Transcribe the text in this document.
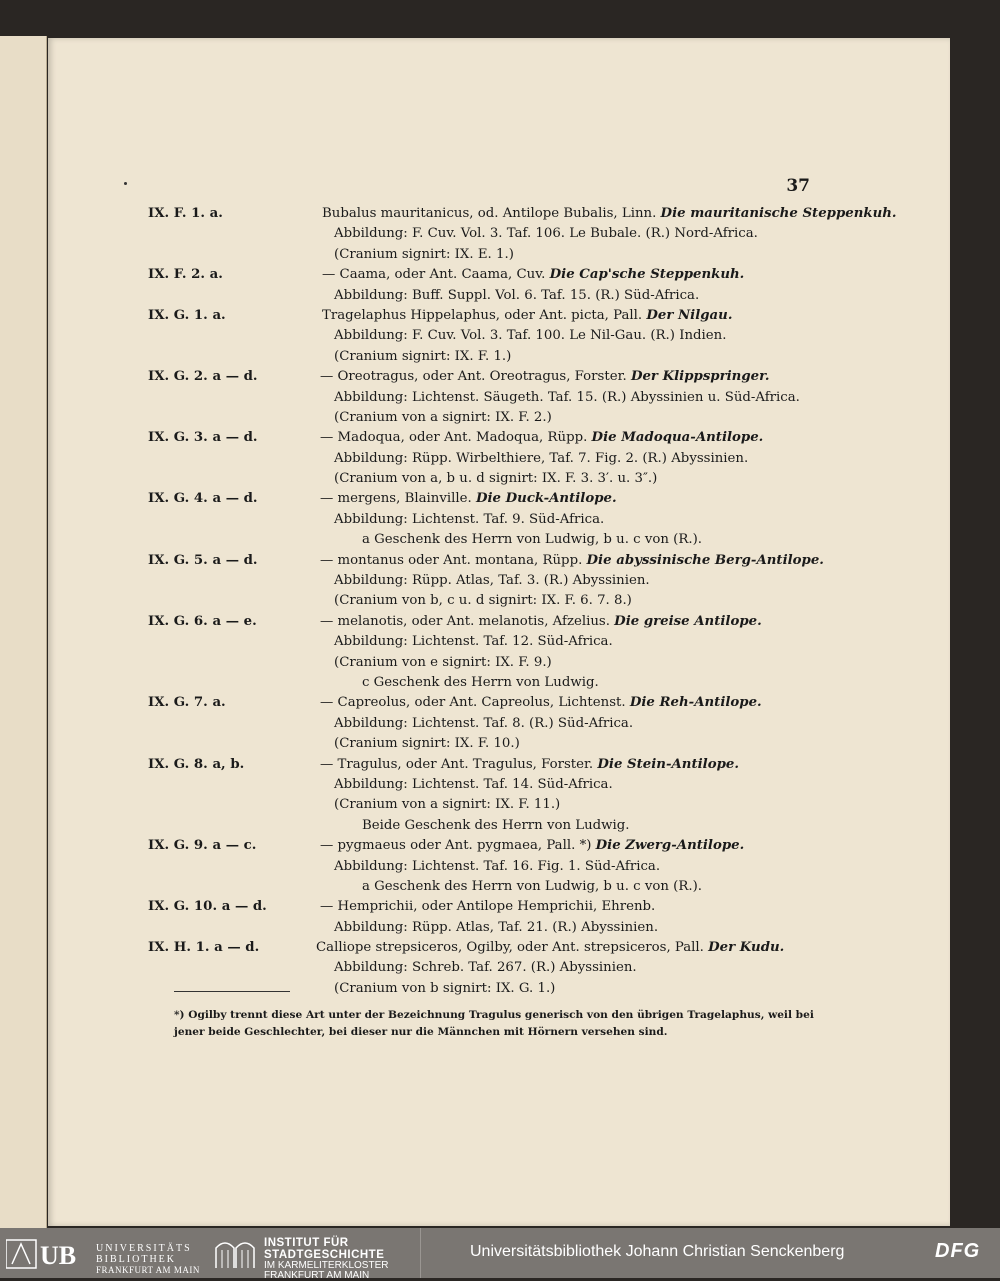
37
IX. F. 1. a.	Bubalus mauritanicus, od. Antilope Bubalis, Linn. Die mauritanische Steppenkuh.
Abbildung: F. Cuv. Vol. 3. Taf. 106. Le Bubale. (R.) Nord-Africa.
(Cranium signirt: IX. E. 1.)
IX. F. 2. a.	— Caama, oder Ant. Caama, Cuv. Die Cap'sche Steppenkuh.
Abbildung: Buff. Suppl. Vol. 6. Taf. 15. (R.) Süd-Africa.
IX. G. 1. a.	Tragelaphus Hippelaphus, oder Ant. picta, Pall. Der Nilgau.
Abbildung: F. Cuv. Vol. 3. Taf. 100. Le Nil-Gau. (R.) Indien.
(Cranium signirt: IX. F. 1.)
IX. G. 2. a — d.	— Oreotragus, oder Ant. Oreotragus, Forster. Der Klippspringer.
Abbildung: Lichtenst. Säugeth. Taf. 15. (R.) Abyssinien u. Süd-Africa.
(Cranium von a signirt: IX. F. 2.)
IX. G. 3. a — d.	— Madoqua, oder Ant. Madoqua, Rüpp. Die Madoqua-Antilope.
Abbildung: Rüpp. Wirbelthiere, Taf. 7. Fig. 2. (R.) Abyssinien.
(Cranium von a, b u. d signirt: IX. F. 3. 3′. u. 3″.)
IX. G. 4. a — d.	— mergens, Blainville. Die Duck-Antilope.
Abbildung: Lichtenst. Taf. 9. Süd-Africa.
a Geschenk des Herrn von Ludwig, b u. c von (R.).
IX. G. 5. a — d.	— montanus oder Ant. montana, Rüpp. Die abyssinische Berg-Antilope.
Abbildung: Rüpp. Atlas, Taf. 3. (R.) Abyssinien.
(Cranium von b, c u. d signirt: IX. F. 6. 7. 8.)
IX. G. 6. a — e.	— melanotis, oder Ant. melanotis, Afzelius. Die greise Antilope.
Abbildung: Lichtenst. Taf. 12. Süd-Africa.
(Cranium von e signirt: IX. F. 9.)
c Geschenk des Herrn von Ludwig.
IX. G. 7. a.	— Capreolus, oder Ant. Capreolus, Lichtenst. Die Reh-Antilope.
Abbildung: Lichtenst. Taf. 8. (R.) Süd-Africa.
(Cranium signirt: IX. F. 10.)
IX. G. 8. a, b.	— Tragulus, oder Ant. Tragulus, Forster. Die Stein-Antilope.
Abbildung: Lichtenst. Taf. 14. Süd-Africa.
(Cranium von a signirt: IX. F. 11.)
Beide Geschenk des Herrn von Ludwig.
IX. G. 9. a — c.	— pygmaeus oder Ant. pygmaea, Pall. *) Die Zwerg-Antilope.
Abbildung: Lichtenst. Taf. 16. Fig. 1. Süd-Africa.
a Geschenk des Herrn von Ludwig, b u. c von (R.).
IX. G. 10. a — d.	— Hemprichii, oder Antilope Hemprichii, Ehrenb.
Abbildung: Rüpp. Atlas, Taf. 21. (R.) Abyssinien.
IX. H. 1. a — d.	Calliope strepsiceros, Ogilby, oder Ant. strepsiceros, Pall. Der Kudu.
Abbildung: Schreb. Taf. 267. (R.) Abyssinien.
(Cranium von b signirt: IX. G. 1.)
*) Ogilby trennt diese Art unter der Bezeichnung Tragulus generisch von den übrigen Tragelaphus, weil bei jener beide Geschlechter, bei dieser nur die Männchen mit Hörnern versehen sind.
UB UNIVERSITÄTS
BIBLIOTHEK
FRANKFURT AM MAIN
INSTITUT FÜR
STADTGESCHICHTE
IM KARMELITERKLOSTER
FRANKFURT AM MAIN
Universitätsbibliothek Johann Christian Senckenberg	DFG
